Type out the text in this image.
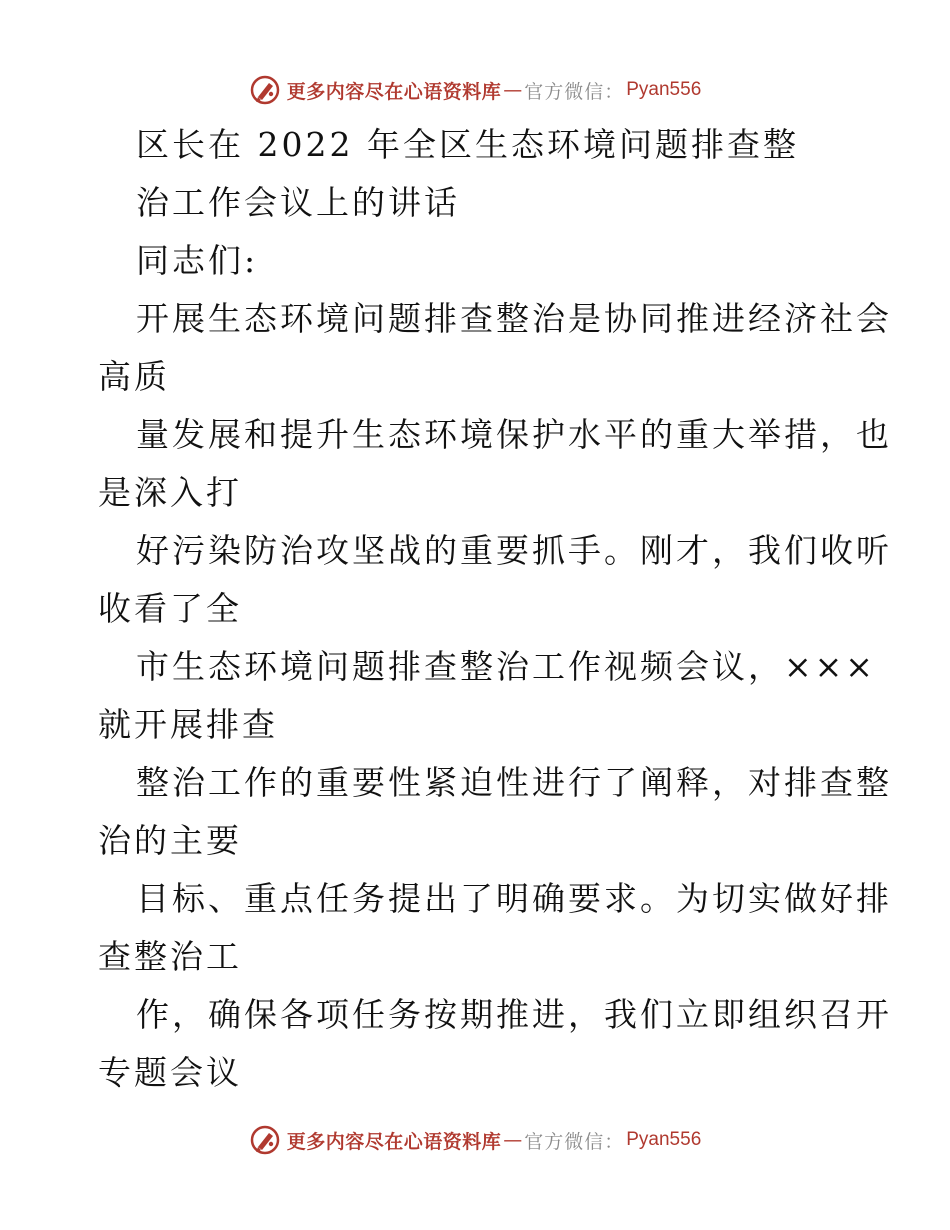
更多内容尽在心语资料库 — 官方微信： Pyan556
区长在 2022 年全区生态环境问题排查整
治工作会议上的讲话
同志们:
开展生态环境问题排查整治是协同推进经济社会
高质
量发展和提升生态环境保护水平的重大举措，也
是深入打
好污染防治攻坚战的重要抓手。刚才，我们收听
收看了全
市生态环境问题排查整治工作视频会议，×××
就开展排查
整治工作的重要性紧迫性进行了阐释，对排查整
治的主要
目标、重点任务提出了明确要求。为切实做好排
查整治工
作，确保各项任务按期推进，我们立即组织召开
专题会议
更多内容尽在心语资料库 — 官方微信： Pyan556
